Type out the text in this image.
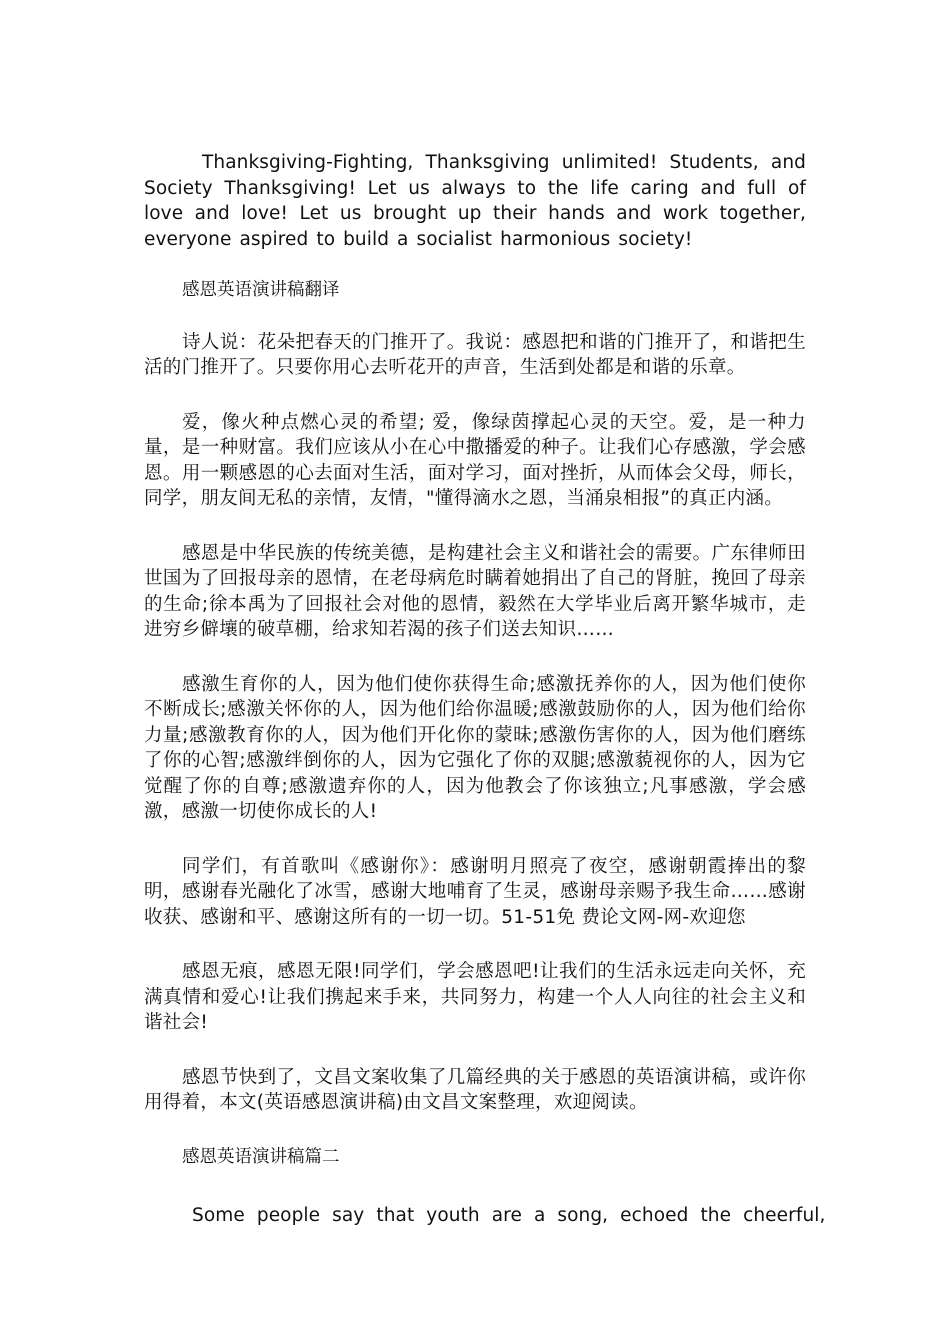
Thanksgiving-Fighting, Thanksgiving unlimited! Students, and Society Thanksgiving! Let us always to the life caring and full of love and love! Let us brought up their hands and work together, everyone aspired to build a socialist harmonious society!

感恩英语演讲稿翻译

诗人说：花朵把春天的门推开了。我说：感恩把和谐的门推开了，和谐把生活的门推开了。只要你用心去听花开的声音，生活到处都是和谐的乐章。

爱，像火种点燃心灵的希望; 爱，像绿茵撑起心灵的天空。爱，是一种力量，是一种财富。我们应该从小在心中撒播爱的种子。让我们心存感激，学会感恩。用一颗感恩的心去面对生活，面对学习，面对挫折，从而体会父母，师长，同学，朋友间无私的亲情，友情，"懂得滴水之恩，当涌泉相报”的真正内涵。

感恩是中华民族的传统美德，是构建社会主义和谐社会的需要。广东律师田世国为了回报母亲的恩情，在老母病危时瞒着她捐出了自己的肾脏，挽回了母亲的生命;徐本禹为了回报社会对他的恩情，毅然在大学毕业后离开繁华城市，走进穷乡僻壤的破草棚，给求知若渴的孩子们送去知识……

感激生育你的人，因为他们使你获得生命;感激抚养你的人，因为他们使你不断成长;感激关怀你的人，因为他们给你温暖;感激鼓励你的人，因为他们给你力量;感激教育你的人，因为他们开化你的蒙昧;感激伤害你的人，因为他们磨练了你的心智;感激绊倒你的人，因为它强化了你的双腿;感激藐视你的人，因为它觉醒了你的自尊;感激遗弃你的人，因为他教会了你该独立;凡事感激，学会感激，感激一切使你成长的人!

同学们，有首歌叫《感谢你》：感谢明月照亮了夜空，感谢朝霞捧出的黎明，感谢春光融化了冰雪，感谢大地哺育了生灵，感谢母亲赐予我生命……感谢收获、感谢和平、感谢这所有的一切一切。51-51免 费论文网-网-欢迎您

感恩无痕，感恩无限!同学们，学会感恩吧!让我们的生活永远走向关怀，充满真情和爱心!让我们携起来手来，共同努力，构建一个人人向往的社会主义和谐社会!

感恩节快到了，文昌文案收集了几篇经典的关于感恩的英语演讲稿，或许你用得着，本文(英语感恩演讲稿)由文昌文案整理，欢迎阅读。

感恩英语演讲稿篇二

Some people say that youth are a song, echoed the cheerful,
